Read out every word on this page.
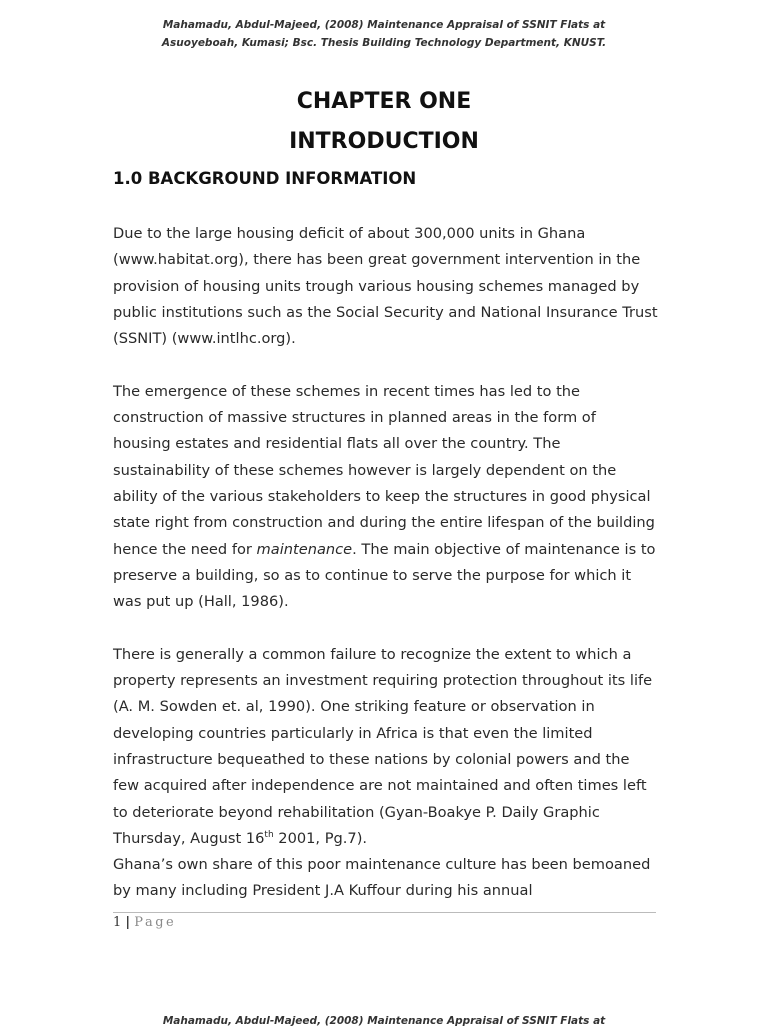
Mahamadu, Abdul-Majeed, (2008) Maintenance Appraisal of SSNIT Flats at
Asuoyeboah, Kumasi; Bsc. Thesis Building Technology Department, KNUST.
CHAPTER ONE
INTRODUCTION
1.0 BACKGROUND INFORMATION

Due to the large housing deficit of about 300,000 units in Ghana (www.habitat.org), there has been great government intervention in the provision of housing units trough various housing schemes managed by public institutions such as the Social Security and National Insurance Trust (SSNIT) (www.intlhc.org).

The emergence of these schemes in recent times has led to the construction of massive structures in planned areas in the form of housing estates and residential flats all over the country. The sustainability of these schemes however is largely dependent on the ability of the various stakeholders to keep the structures in good physical state right from construction and during the entire lifespan of the building hence the need for maintenance. The main objective of maintenance is to preserve a building, so as to continue to serve the purpose for which it was put up (Hall, 1986).

There is generally a common failure to recognize the extent to which a property represents an investment requiring protection throughout its life (A. M. Sowden et. al, 1990). One striking feature or observation in developing countries particularly in Africa is that even the limited infrastructure bequeathed to these nations by colonial powers and the few acquired after independence are not maintained and often times left to deteriorate beyond rehabilitation (Gyan-Boakye P. Daily Graphic Thursday, August 16th 2001, Pg.7).

Ghana’s own share of this poor maintenance culture has been bemoaned by many including President J.A Kuffour during his annual

1 | Page
Mahamadu, Abdul-Majeed, (2008) Maintenance Appraisal of SSNIT Flats at
